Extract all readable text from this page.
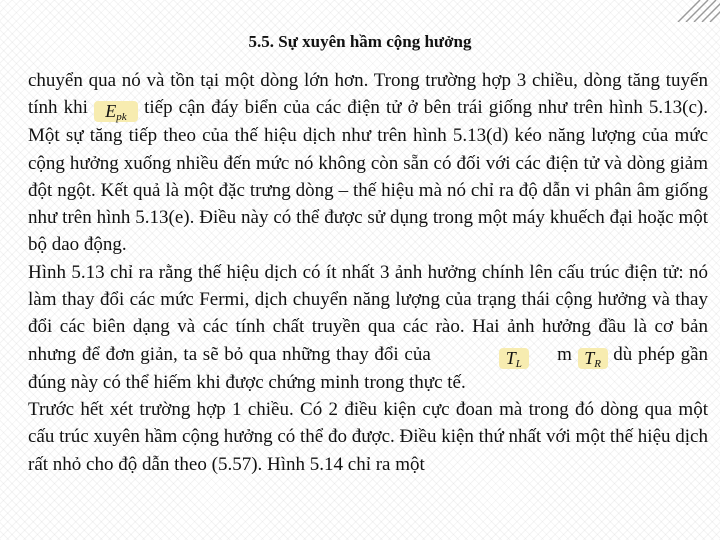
5.5. Sự xuyên hầm cộng hưởng

chuyển qua nó và tồn tại một dòng lớn hơn. Trong trường hợp 3 chiều, dòng tăng tuyến tính khi $E_{pk}$ tiếp cận đáy biển của các điện tử ở bên trái giống như trên hình 5.13(c). Một sự tăng tiếp theo của thế hiệu dịch như trên hình 5.13(d) kéo năng lượng của mức cộng hưởng xuống nhiều đến mức nó không còn sẵn có đối với các điện tử và dòng giảm đột ngột. Kết quả là một đặc trưng dòng – thế hiệu mà nó chỉ ra độ dẫn vi phân âm giống như trên hình 5.13(e). Điều này có thể được sử dụng trong một máy khuếch đại hoặc một bộ dao động.

Hình 5.13 chỉ ra rằng thế hiệu dịch có ít nhất 3 ảnh hưởng chính lên cấu trúc điện tử: nó làm thay đổi các mức Fermi, dịch chuyển năng lượng của trạng thái cộng hưởng và thay đổi các biên dạng và các tính chất truyền qua các rào. Hai ảnh hưởng đầu là cơ bản nhưng để đơn giản, ta sẽ bỏ qua những thay đổi của	$T_L$ m $T_R$ dù phép gần đúng này có thể hiếm khi được chứng minh trong thực tế.

Trước hết xét trường hợp 1 chiều. Có 2 điều kiện cực đoan mà trong đó dòng qua một cấu trúc xuyên hầm cộng hưởng có thể đo được. Điều kiện thứ nhất với một thế hiệu dịch rất nhỏ cho độ dẫn theo (5.57). Hình 5.14 chỉ ra một
